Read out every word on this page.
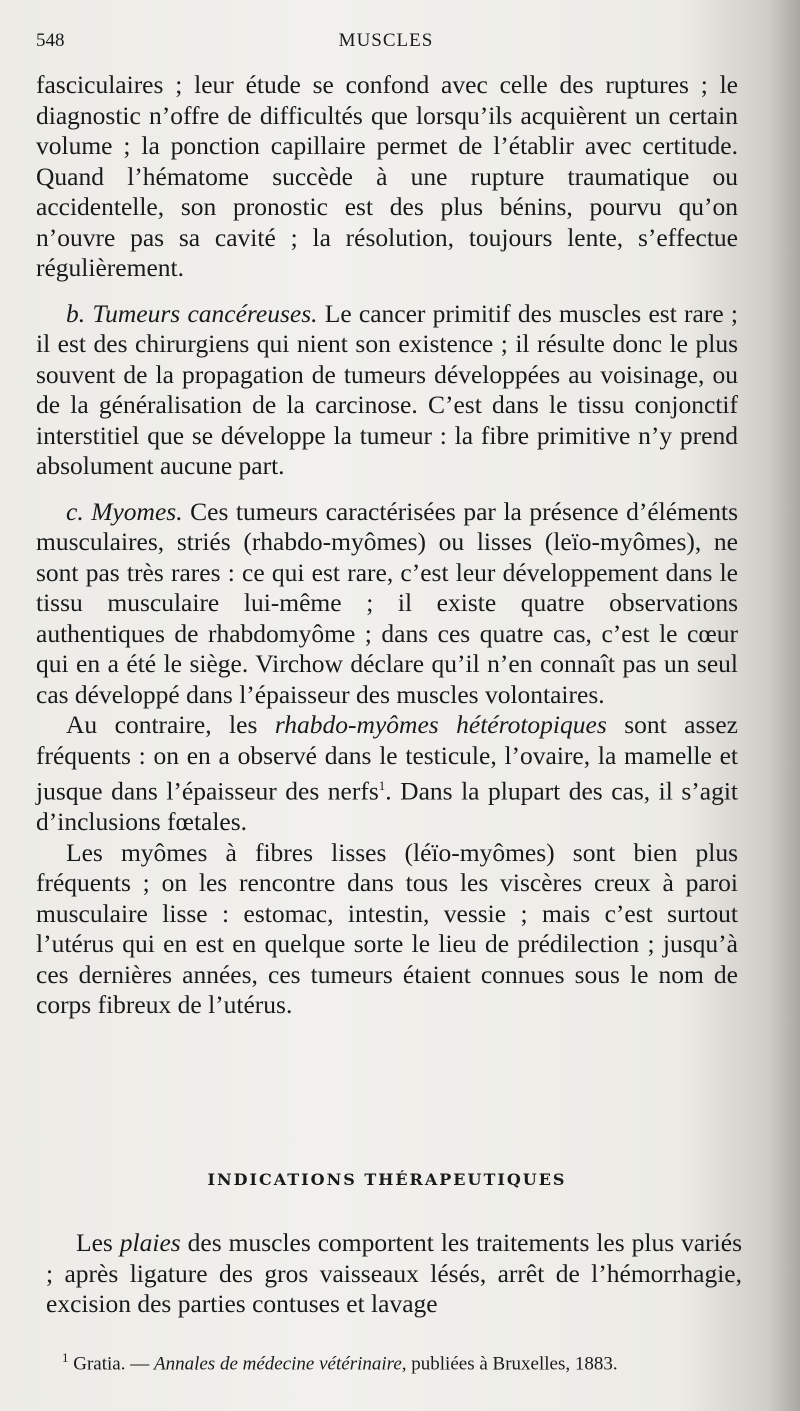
548	MUSCLES

fasciculaires ; leur étude se confond avec celle des ruptures ; le diagnostic n’offre de difficultés que lorsqu’ils acquièrent un certain volume ; la ponction capillaire permet de l’établir avec certitude. Quand l’hématome succède à une rupture traumatique ou accidentelle, son pronostic est des plus bénins, pourvu qu’on n’ouvre pas sa cavité ; la résolution, toujours lente, s’effectue régulièrement.

b. Tumeurs cancéreuses. Le cancer primitif des muscles est rare ; il est des chirurgiens qui nient son existence ; il résulte donc le plus souvent de la propagation de tumeurs développées au voisinage, ou de la généralisation de la carcinose. C’est dans le tissu conjonctif interstitiel que se développe la tumeur : la fibre primitive n’y prend absolument aucune part.

c. Myomes. Ces tumeurs caractérisées par la présence d’éléments musculaires, striés (rhabdo-myômes) ou lisses (leïo-myômes), ne sont pas très rares : ce qui est rare, c’est leur développement dans le tissu musculaire lui-même ; il existe quatre observations authentiques de rhabdomyôme ; dans ces quatre cas, c’est le cœur qui en a été le siège. Virchow déclare qu’il n’en connaît pas un seul cas développé dans l’épaisseur des muscles volontaires.

Au contraire, les rhabdo-myômes hétérotopiques sont assez fréquents : on en a observé dans le testicule, l’ovaire, la mamelle et jusque dans l’épaisseur des nerfs$^1$. Dans la plupart des cas, il s’agit d’inclusions fœtales.

Les myômes à fibres lisses (léïo-myômes) sont bien plus fréquents ; on les rencontre dans tous les viscères creux à paroi musculaire lisse : estomac, intestin, vessie ; mais c’est surtout l’utérus qui en est en quelque sorte le lieu de prédilection ; jusqu’à ces dernières années, ces tumeurs étaient connues sous le nom de corps fibreux de l’utérus.

INDICATIONS THÉRAPEUTIQUES

Les plaies des muscles comportent les traitements les plus variés ; après ligature des gros vaisseaux lésés, arrêt de l’hémorrhagie, excision des parties contuses et lavage

$^1$ Gratia. — Annales de médecine vétérinaire, publiées à Bruxelles, 1883.
